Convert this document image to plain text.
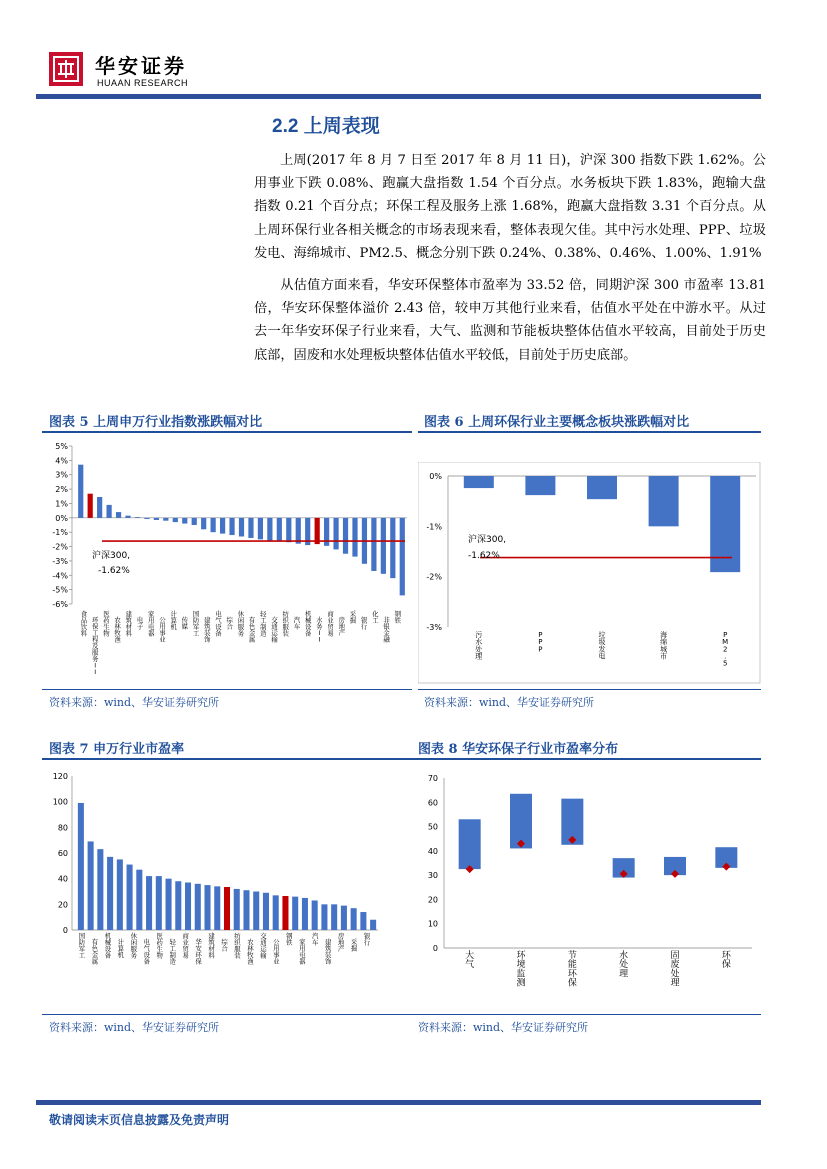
华安证券
HUAAN RESEARCH
2.2 上周表现
上周(2017 年 8 月 7 日至 2017 年 8 月 11 日)，沪深 300 指数下跌 1.62%。公用事业下跌 0.08%、跑赢大盘指数 1.54 个百分点。水务板块下跌 1.83%，跑输大盘指数 0.21 个百分点；环保工程及服务上涨 1.68%，跑赢大盘指数 3.31 个百分点。从上周环保行业各相关概念的市场表现来看，整体表现欠佳。其中污水处理、PPP、垃圾发电、海绵城市、PM2.5、概念分别下跌 0.24%、0.38%、0.46%、1.00%、1.91%
从估值方面来看，华安环保整体市盈率为 33.52 倍，同期沪深 300 市盈率 13.81 倍，华安环保整体溢价 2.43 倍，较申万其他行业来看，估值水平处在中游水平。从过去一年华安环保子行业来看，大气、监测和节能板块整体估值水平较高，目前处于历史底部，固废和水处理板块整体估值水平较低，目前处于历史底部。
图表 5 上周申万行业指数涨跌幅对比
5%
4%
3%
2%
1%
0%
-1%
-2%
-3%
-4%
-5%
-6%
沪深300,
-1.62%
食品饮料
环保工程及服务 I I
医药生物
农林牧渔
建筑材料
电子
家用电器
公用事业
计算机
传媒
国防军工
建筑装饰
电气设备
综合
休闲服务
有色金属
轻工制造
交通运输
纺织服装
汽车
机械设备
水务 I I
商业贸易
房地产
采掘 银行
化工 非银金融
钢铁
资料来源：wind、华安证券研究所
图表 6 上周环保行业主要概念板块涨跌幅对比
0%
-1%
-2%
-3%
污水处理
P P P
垃圾发电
海绵城市
P M 2 . 5
沪深300,
-1.62%
资料来源：wind、华安证券研究所
图表 7 申万行业市盈率
120
100
80
60
40
20
0
国防军工
有色金属
机械设备
计算机
休闲服务
电气设备
医药生物
轻工制造
商业贸易
华安环保
建筑材料
综合
纺织服装
农林牧渔
交通运输
公用事业
钢铁 家用电器
汽车 建筑装饰
房地产
采掘
银行
资料来源：wind、华安证券研究所
图表 8 华安环保子行业市盈率分布
70
60
50
40
30
20
10
0
大气
环境监测
节能环保
水处理
固废处理
环保
资料来源：wind、华安证券研究所
敬请阅读末页信息披露及免责声明
